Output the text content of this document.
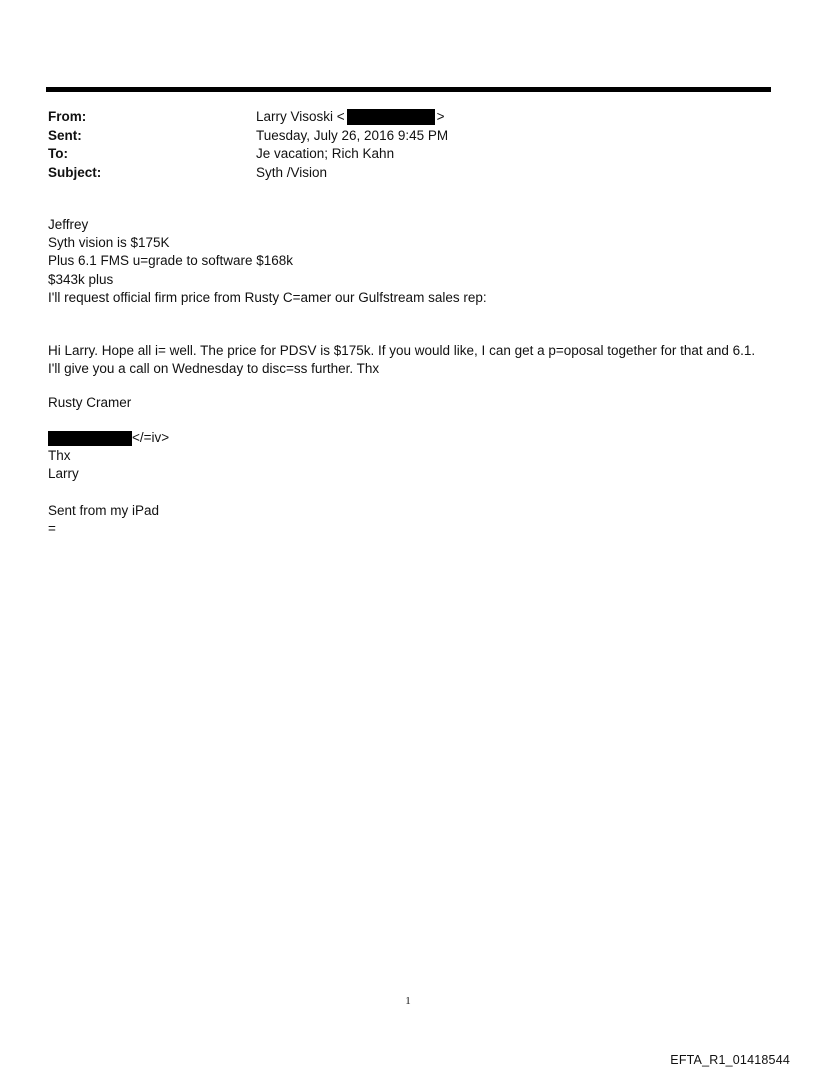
From:	Larry Visoski <	>
Sent:	Tuesday, July 26, 2016 9:45 PM
To:	Je vacation; Rich Kahn
Subject:	Syth /Vision
Jeffrey
Syth vision is $175K
Plus 6.1 FMS u=grade to software $168k
$343k plus
I'll request official firm price from Rusty C=amer our Gulfstream sales rep:
Hi Larry. Hope all i= well. The price for PDSV is $175k. If you would like, I can get a p=oposal together for that and 6.1.
I'll give you a call on Wednesday to disc=ss further. Thx
Rusty Cramer
</=iv>
Thx
Larry
Sent from my iPad
=
1
EFTA_R1_01418544
